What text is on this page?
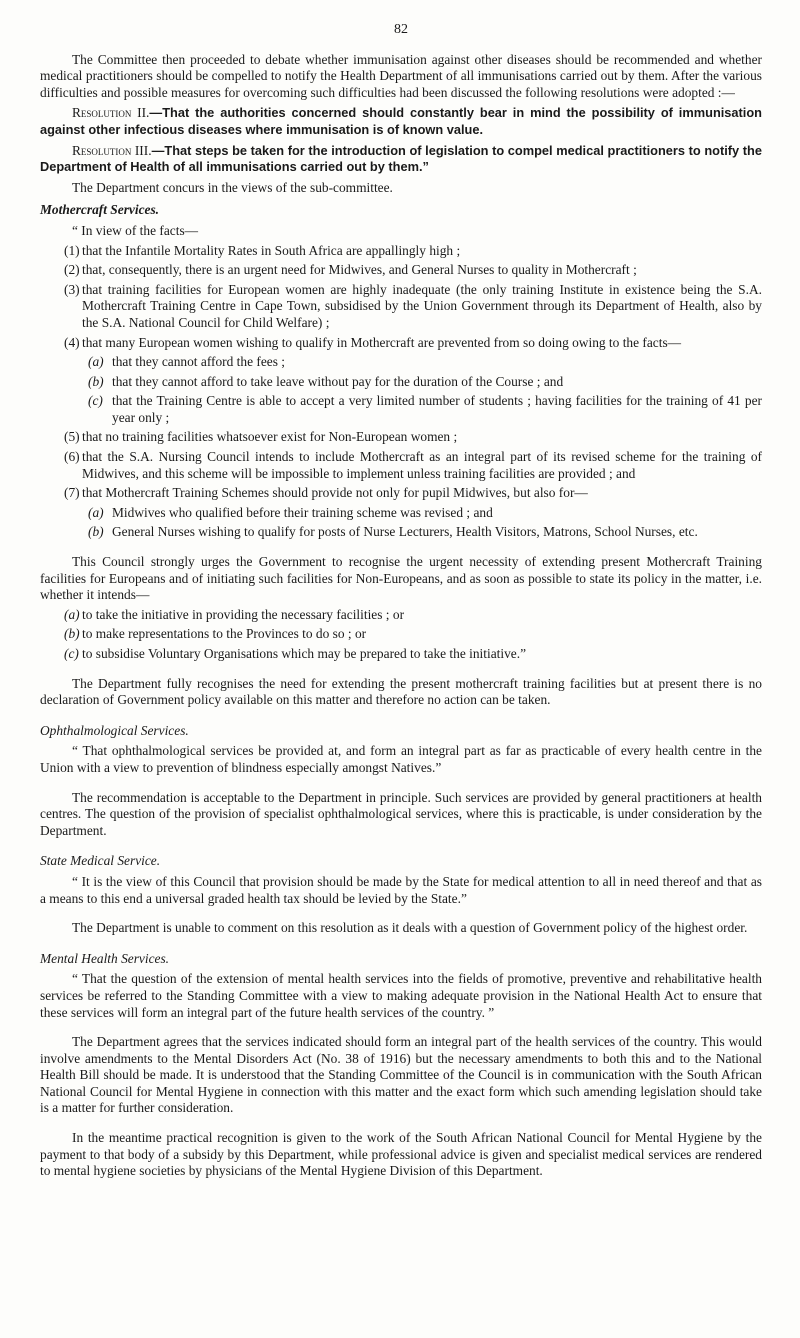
82

The Committee then proceeded to debate whether immunisation against other diseases should be recommended and whether medical practitioners should be compelled to notify the Health Department of all immunisations carried out by them. After the various difficulties and possible measures for overcoming such difficulties had been discussed the following resolutions were adopted :—

Resolution II.—That the authorities concerned should constantly bear in mind the possibility of immunisation against other infectious diseases where immunisation is of known value.

Resolution III.—That steps be taken for the introduction of legislation to compel medical practitioners to notify the Department of Health of all immunisations carried out by them.”

The Department concurs in the views of the sub-committee.

Mothercraft Services.

“ In view of the facts—

(1) that the Infantile Mortality Rates in South Africa are appallingly high ;
(2) that, consequently, there is an urgent need for Midwives, and General Nurses to quality in Mothercraft ;
(3) that training facilities for European women are highly inadequate (the only training Institute in existence being the S.A. Mothercraft Training Centre in Cape Town, subsidised by the Union Government through its Department of Health, also by the S.A. National Council for Child Welfare) ;
(4) that many European women wishing to qualify in Mothercraft are prevented from so doing owing to the facts—
(a) that they cannot afford the fees ;
(b) that they cannot afford to take leave without pay for the duration of the Course ; and
(c) that the Training Centre is able to accept a very limited number of students ; having facilities for the training of 41 per year only ;
(5) that no training facilities whatsoever exist for Non-European women ;
(6) that the S.A. Nursing Council intends to include Mothercraft as an integral part of its revised scheme for the training of Midwives, and this scheme will be impossible to implement unless training facilities are provided ; and
(7) that Mothercraft Training Schemes should provide not only for pupil Midwives, but also for—
(a) Midwives who qualified before their training scheme was revised ; and
(b) General Nurses wishing to qualify for posts of Nurse Lecturers, Health Visitors, Matrons, School Nurses, etc.

This Council strongly urges the Government to recognise the urgent necessity of extending present Mothercraft Training facilities for Europeans and of initiating such facilities for Non-Europeans, and as soon as possible to state its policy in the matter, i.e. whether it intends—

(a) to take the initiative in providing the necessary facilities ; or
(b) to make representations to the Provinces to do so ; or
(c) to subsidise Voluntary Organisations which may be prepared to take the initiative.”

The Department fully recognises the need for extending the present mothercraft training facilities but at present there is no declaration of Government policy available on this matter and therefore no action can be taken.

Ophthalmological Services.

“ That ophthalmological services be provided at, and form an integral part as far as practicable of every health centre in the Union with a view to prevention of blindness especially amongst Natives.”

The recommendation is acceptable to the Department in principle. Such services are provided by general practitioners at health centres. The question of the provision of specialist ophthalmological services, where this is practicable, is under consideration by the Department.

State Medical Service.

“ It is the view of this Council that provision should be made by the State for medical attention to all in need thereof and that as a means to this end a universal graded health tax should be levied by the State.”

The Department is unable to comment on this resolution as it deals with a question of Government policy of the highest order.

Mental Health Services.

“ That the question of the extension of mental health services into the fields of promotive, preventive and rehabilitative health services be referred to the Standing Committee with a view to making adequate provision in the National Health Act to ensure that these services will form an integral part of the future health services of the country. ”

The Department agrees that the services indicated should form an integral part of the health services of the country. This would involve amendments to the Mental Disorders Act (No. 38 of 1916) but the necessary amendments to both this and to the National Health Bill should be made. It is understood that the Standing Committee of the Council is in communication with the South African National Council for Mental Hygiene in connection with this matter and the exact form which such amending legislation should take is a matter for further consideration.

In the meantime practical recognition is given to the work of the South African National Council for Mental Hygiene by the payment to that body of a subsidy by this Department, while professional advice is given and specialist medical services are rendered to mental hygiene societies by physicians of the Mental Hygiene Division of this Department.
